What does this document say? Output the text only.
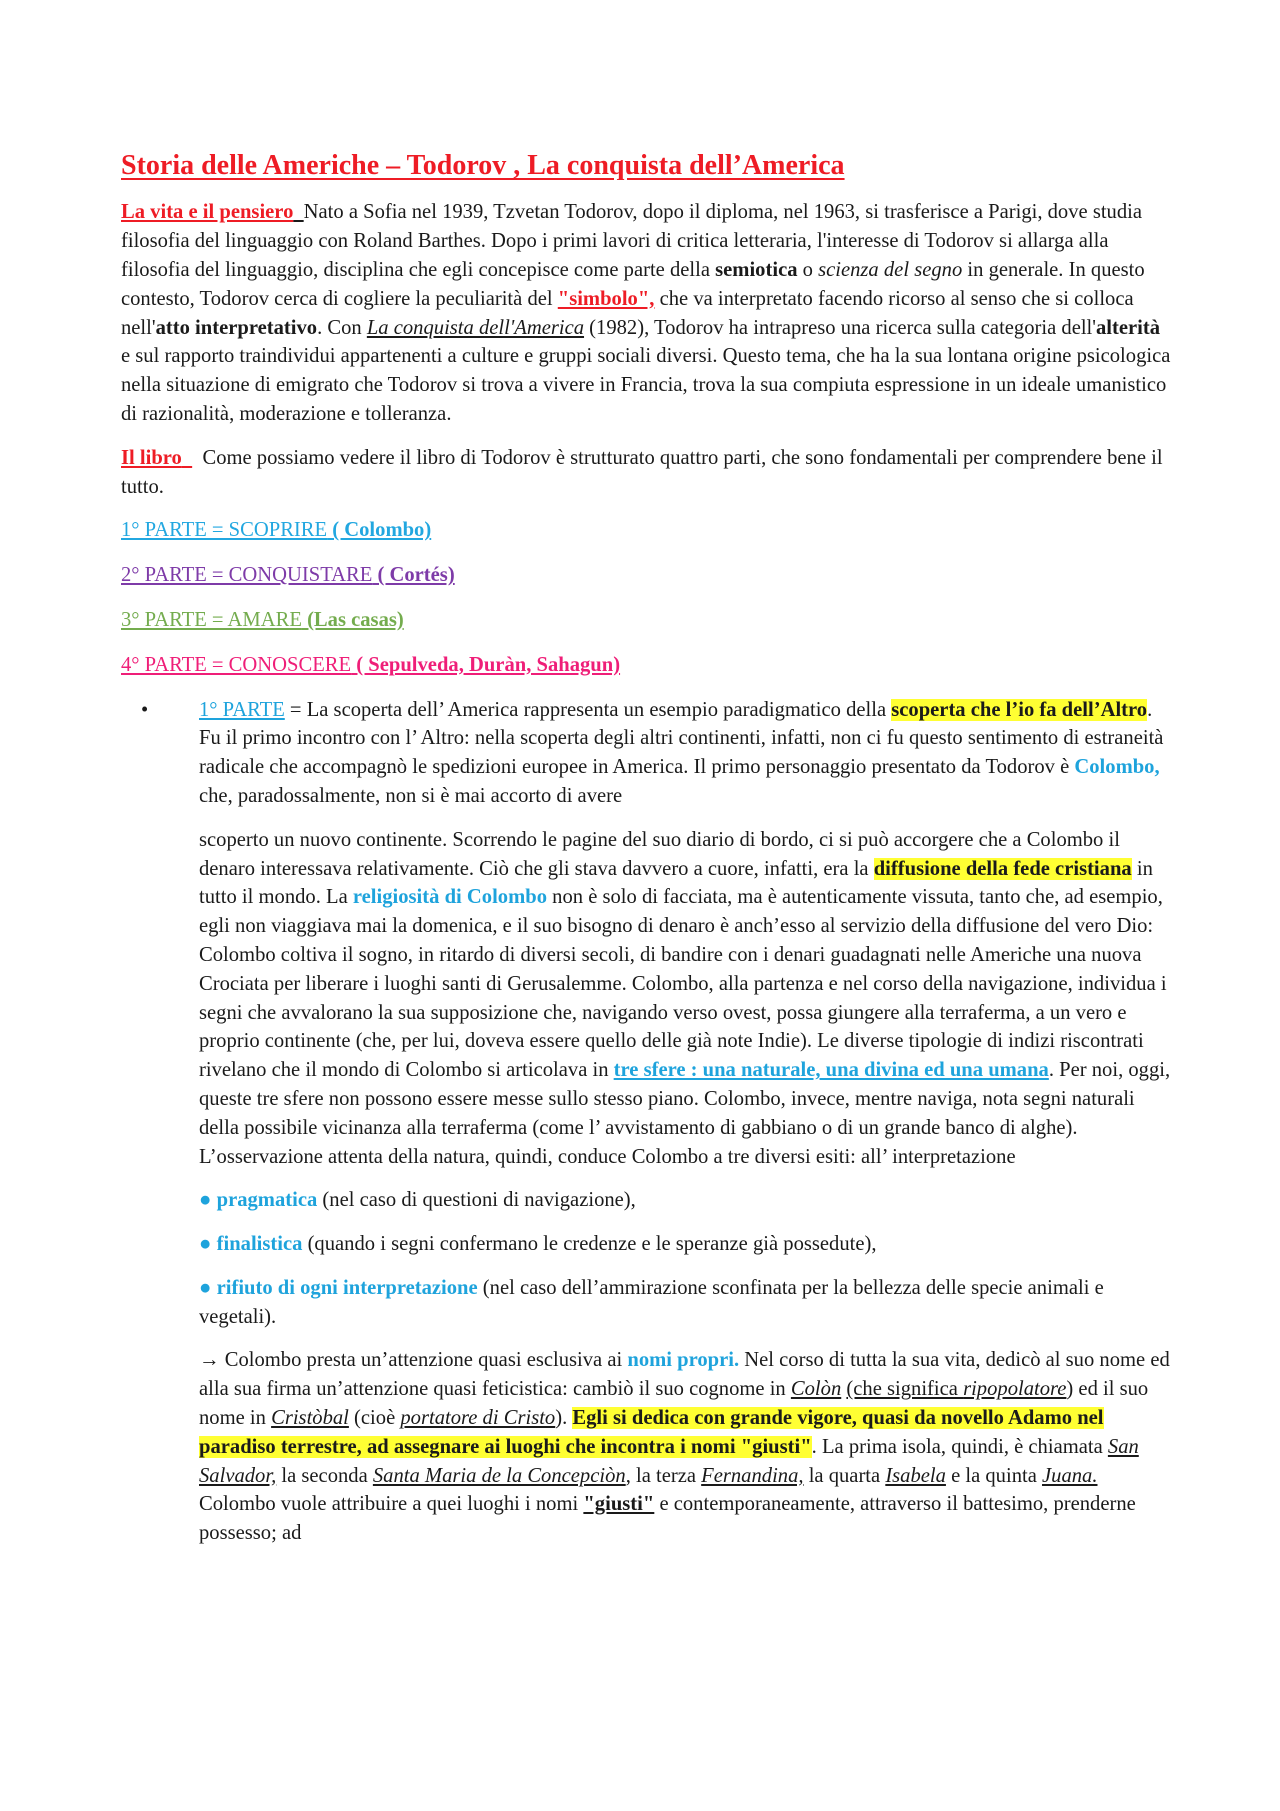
Storia delle Americhe – Todorov , La conquista dell’America

La vita e il pensiero Nato a Sofia nel 1939, Tzvetan Todorov, dopo il diploma, nel 1963, si trasferisce a Parigi, dove studia filosofia del linguaggio con Roland Barthes. Dopo i primi lavori di critica letteraria, l'interesse di Todorov si allarga alla filosofia del linguaggio, disciplina che egli concepisce come parte della semiotica o scienza del segno in generale. In questo contesto, Todorov cerca di cogliere la peculiarità del "simbolo", che va interpretato facendo ricorso al senso che si colloca nell'atto interpretativo. Con La conquista dell'America (1982), Todorov ha intrapreso una ricerca sulla categoria dell'alterità e sul rapporto traindividui appartenenti a culture e gruppi sociali diversi. Questo tema, che ha la sua lontana origine psicologica nella situazione di emigrato che Todorov si trova a vivere in Francia, trova la sua compiuta espressione in un ideale umanistico di razionalità, moderazione e tolleranza.

Il libro Come possiamo vedere il libro di Todorov è strutturato quattro parti, che sono fondamentali per comprendere bene il tutto.

1° PARTE = SCOPRIRE ( Colombo)
2° PARTE = CONQUISTARE ( Cortés)
3° PARTE = AMARE (Las casas)
4° PARTE = CONOSCERE ( Sepulveda, Duràn, Sahagun)

• 1° PARTE = La scoperta dell’ America rappresenta un esempio paradigmatico della scoperta che l’io fa dell’Altro. Fu il primo incontro con l’ Altro: nella scoperta degli altri continenti, infatti, non ci fu questo sentimento di estraneità radicale che accompagnò le spedizioni europee in America. Il primo personaggio presentato da Todorov è Colombo, che, paradossalmente, non si è mai accorto di avere

scoperto un nuovo continente. Scorrendo le pagine del suo diario di bordo, ci si può accorgere che a Colombo il denaro interessava relativamente. Ciò che gli stava davvero a cuore, infatti, era la diffusione della fede cristiana in tutto il mondo. La religiosità di Colombo non è solo di facciata, ma è autenticamente vissuta, tanto che, ad esempio, egli non viaggiava mai la domenica, e il suo bisogno di denaro è anch’esso al servizio della diffusione del vero Dio: Colombo coltiva il sogno, in ritardo di diversi secoli, di bandire con i denari guadagnati nelle Americhe una nuova Crociata per liberare i luoghi santi di Gerusalemme. Colombo, alla partenza e nel corso della navigazione, individua i segni che avvalorano la sua supposizione che, navigando verso ovest, possa giungere alla terraferma, a un vero e proprio continente (che, per lui, doveva essere quello delle già note Indie). Le diverse tipologie di indizi riscontrati rivelano che il mondo di Colombo si articolava in tre sfere : una naturale, una divina ed una umana. Per noi, oggi, queste tre sfere non possono essere messe sullo stesso piano. Colombo, invece, mentre naviga, nota segni naturali della possibile vicinanza alla terraferma (come l’ avvistamento di gabbiano o di un grande banco di alghe). L’osservazione attenta della natura, quindi, conduce Colombo a tre diversi esiti: all’ interpretazione

● pragmatica (nel caso di questioni di navigazione),

● finalistica (quando i segni confermano le credenze e le speranze già possedute),

● rifiuto di ogni interpretazione (nel caso dell’ammirazione sconfinata per la bellezza delle specie animali e vegetali).

→ Colombo presta un’attenzione quasi esclusiva ai nomi propri. Nel corso di tutta la sua vita, dedicò al suo nome ed alla sua firma un’attenzione quasi feticistica: cambiò il suo cognome in Colòn (che significa ripopolatore) ed il suo nome in Cristòbal (cioè portatore di Cristo). Egli si dedica con grande vigore, quasi da novello Adamo nel paradiso terrestre, ad assegnare ai luoghi che incontra i nomi "giusti". La prima isola, quindi, è chiamata San Salvador, la seconda Santa Maria de la Concepciòn, la terza Fernandina, la quarta Isabela e la quinta Juana. Colombo vuole attribuire a quei luoghi i nomi "giusti" e contemporaneamente, attraverso il battesimo, prenderne possesso; ad
